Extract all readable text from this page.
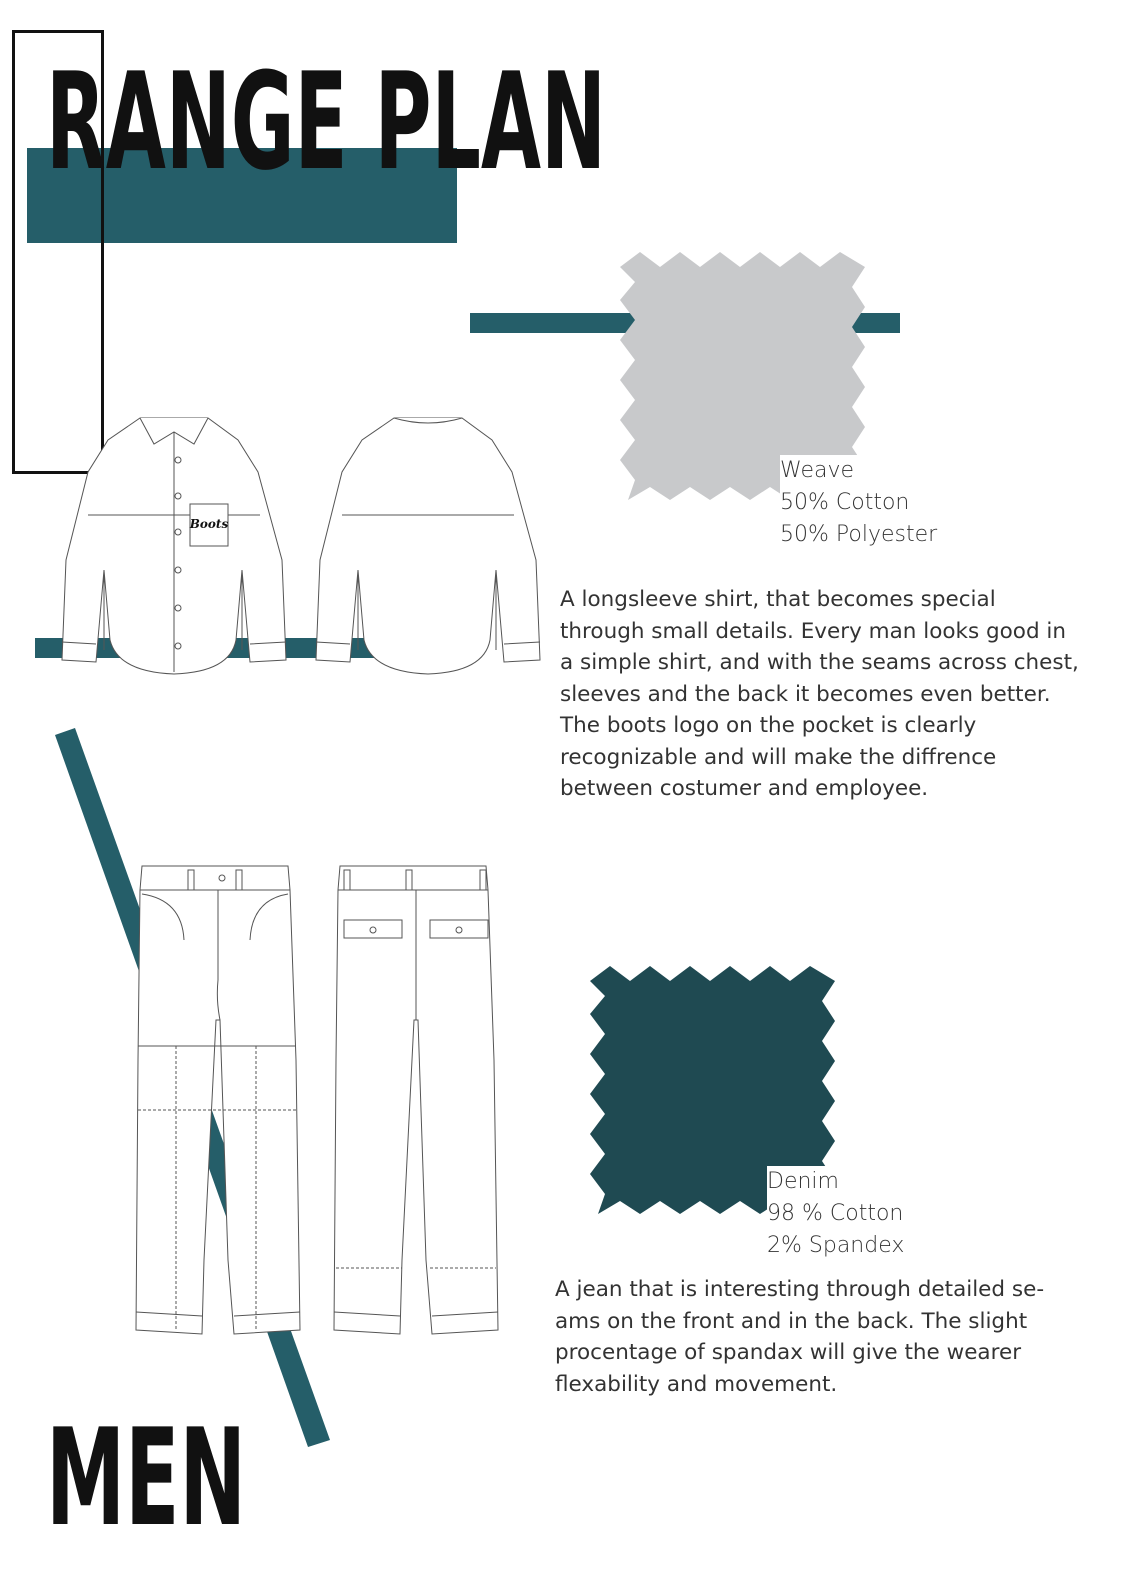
RANGE PLAN
Boots
Weave
50% Cotton
50% Polyester
A longsleeve shirt, that becomes special through small details. Every man looks good in a simple shirt, and with the seams across chest, sleeves and the back it becomes even better. The boots logo on the pocket is clearly recognizable and will make the diffrence between costumer and employee.
Denim
98 % Cotton
2% Spandex
A jean that is interesting through detailed se-ams on the front and in the back. The slight procentage of spandax will give the wearer flexability and movement.
MEN
